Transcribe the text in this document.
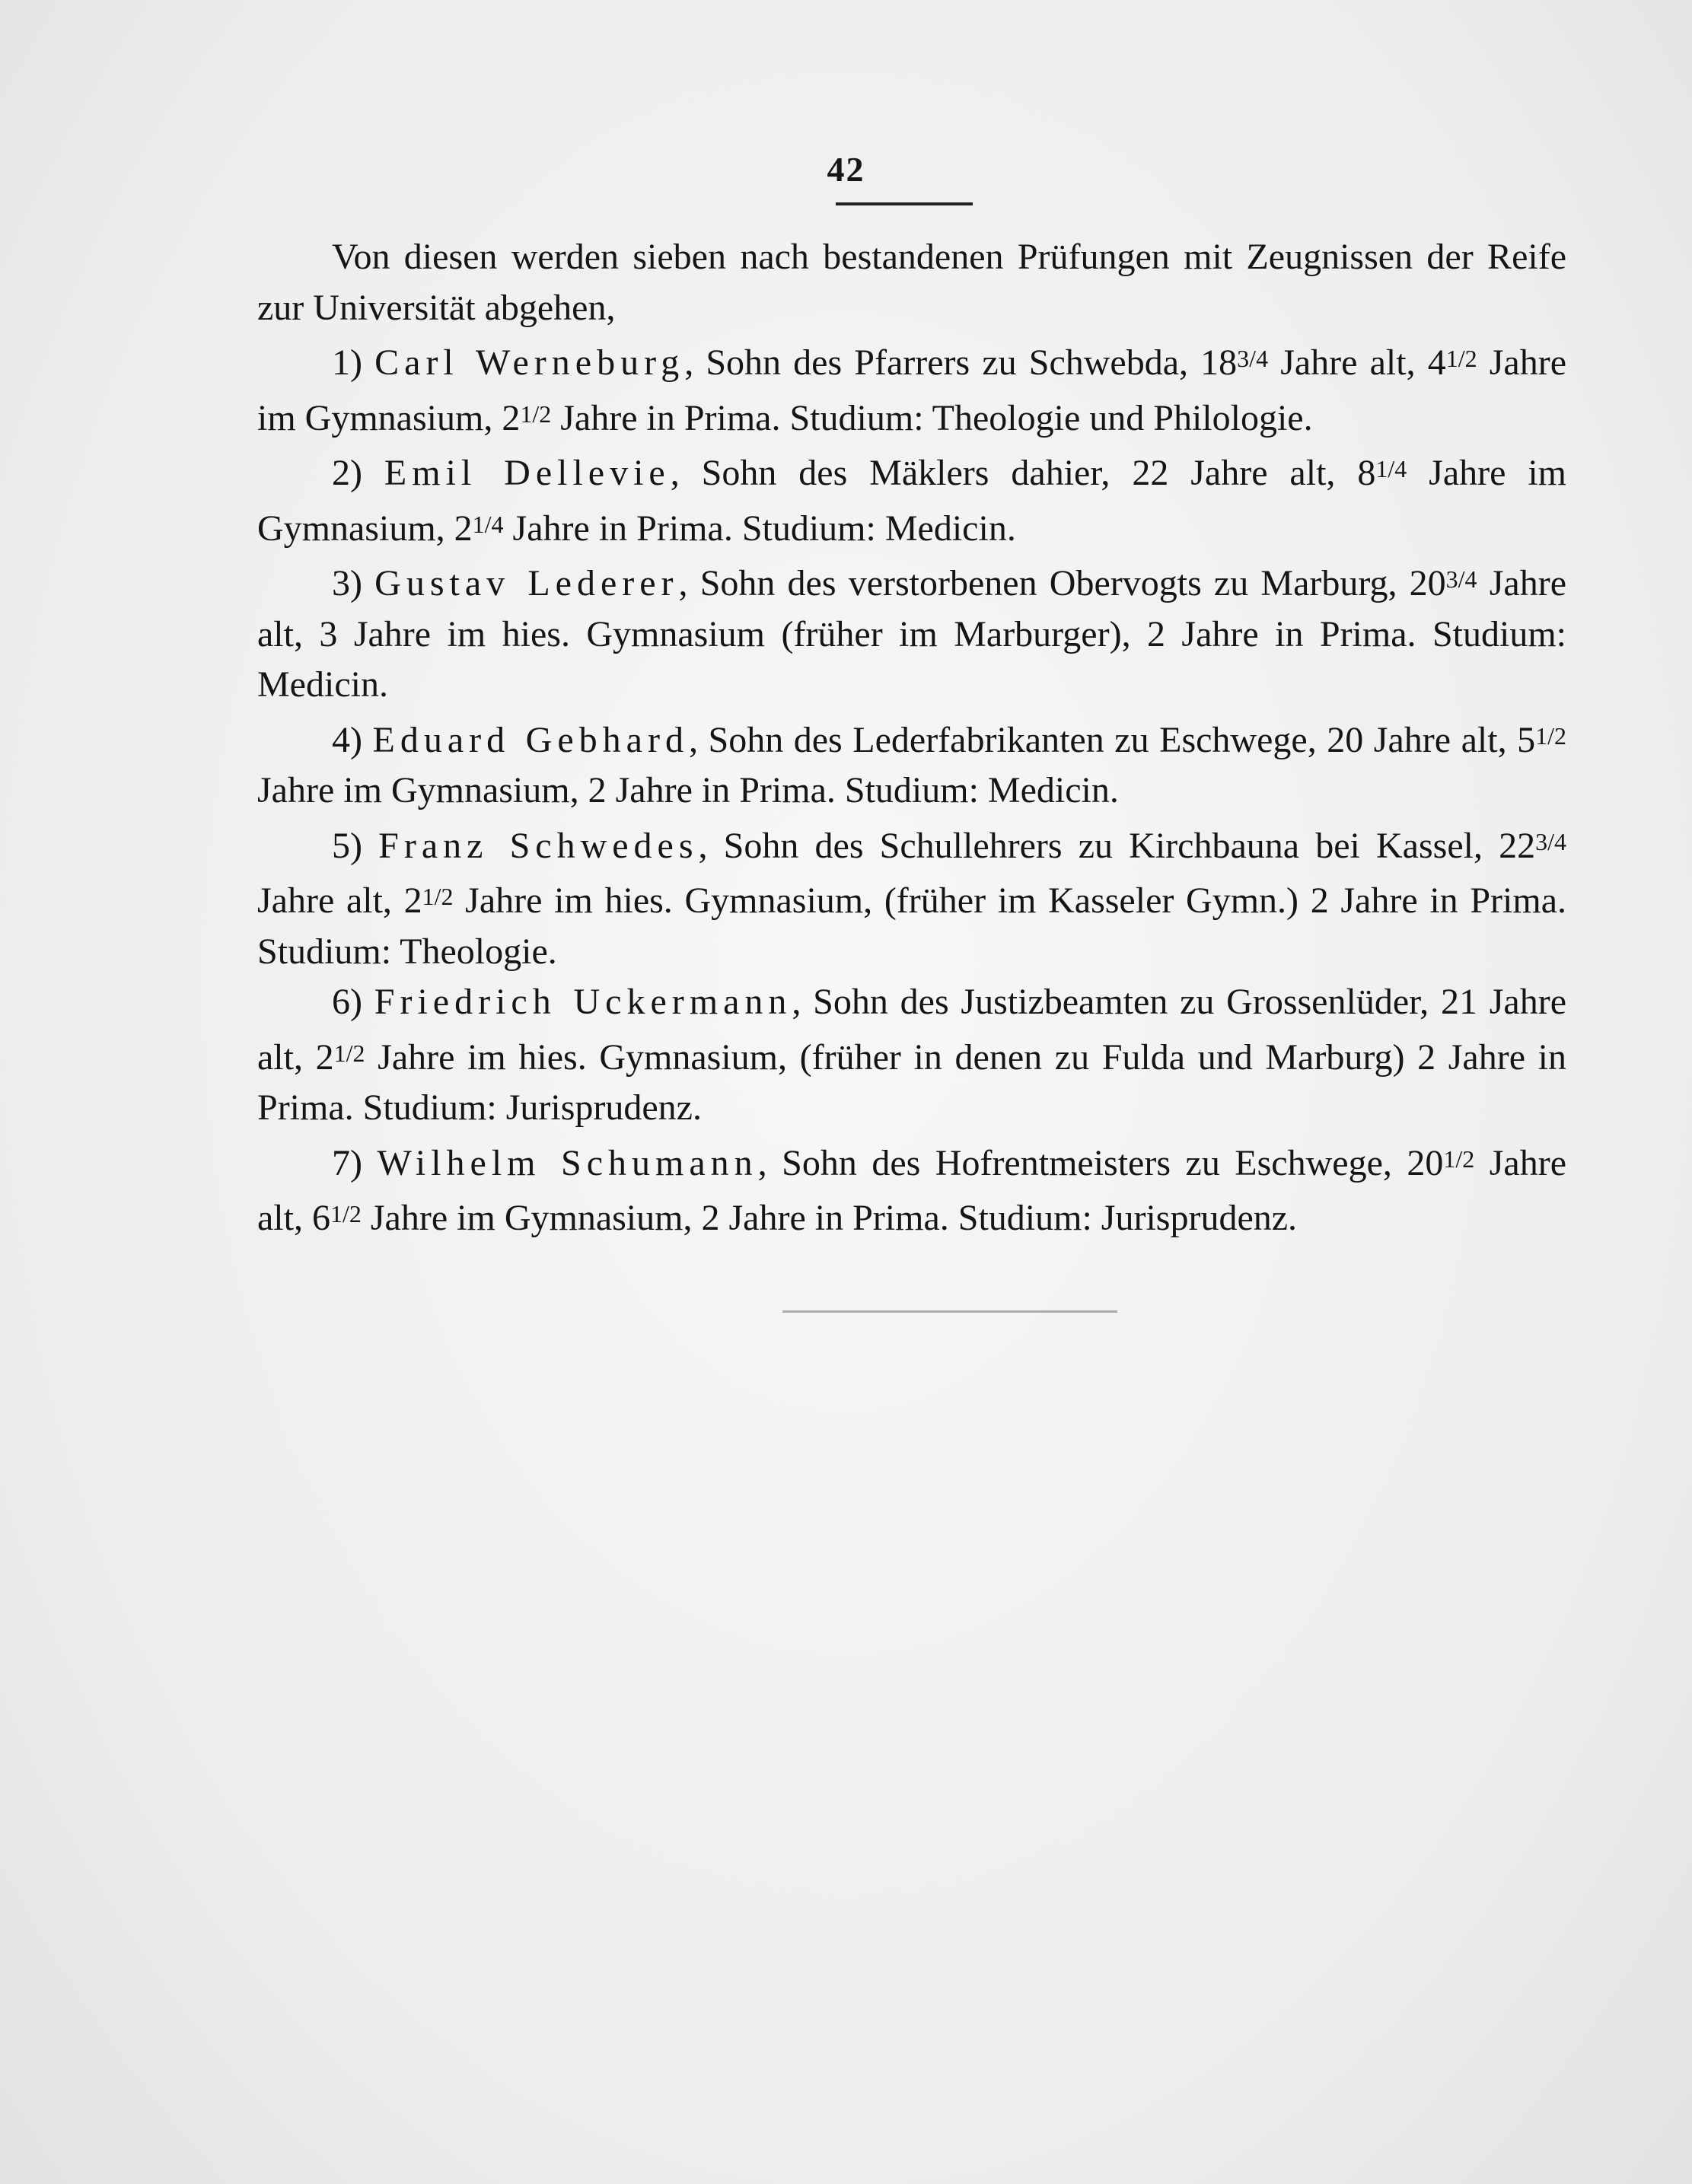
42

Von diesen werden sieben nach bestandenen Prüfungen mit Zeugnissen der Reife zur Universität abgehen,

1) Carl Werneburg, Sohn des Pfarrers zu Schwebda, $18^{3/4}$ Jahre alt, $4^{1/2}$ Jahre im Gymnasium, $2^{1/2}$ Jahre in Prima. Studium: Theologie und Philologie.

2) Emil Dellevie, Sohn des Mäklers dahier, 22 Jahre alt, $8^{1/4}$ Jahre im Gymnasium, $2^{1/4}$ Jahre in Prima. Studium: Medicin.

3) Gustav Lederer, Sohn des verstorbenen Obervogts zu Marburg, $20^{3/4}$ Jahre alt, 3 Jahre im hies. Gymnasium (früher im Marburger), 2 Jahre in Prima. Studium: Medicin.

4) Eduard Gebhard, Sohn des Lederfabrikanten zu Eschwege, 20 Jahre alt, $5^{1/2}$ Jahre im Gymnasium, 2 Jahre in Prima. Studium: Medicin.

5) Franz Schwedes, Sohn des Schullehrers zu Kirchbauna bei Kassel, $22^{3/4}$ Jahre alt, $2^{1/2}$ Jahre im hies. Gymnasium, (früher im Kasseler Gymn.) 2 Jahre in Prima. Studium: Theologie.

6) Friedrich Uckermann, Sohn des Justizbeamten zu Grossenlüder, 21 Jahre alt, $2^{1/2}$ Jahre im hies. Gymnasium, (früher in denen zu Fulda und Marburg) 2 Jahre in Prima. Studium: Jurisprudenz.

7) Wilhelm Schumann, Sohn des Hofrentmeisters zu Eschwege, $20^{1/2}$ Jahre alt, $6^{1/2}$ Jahre im Gymnasium, 2 Jahre in Prima. Studium: Jurisprudenz.
